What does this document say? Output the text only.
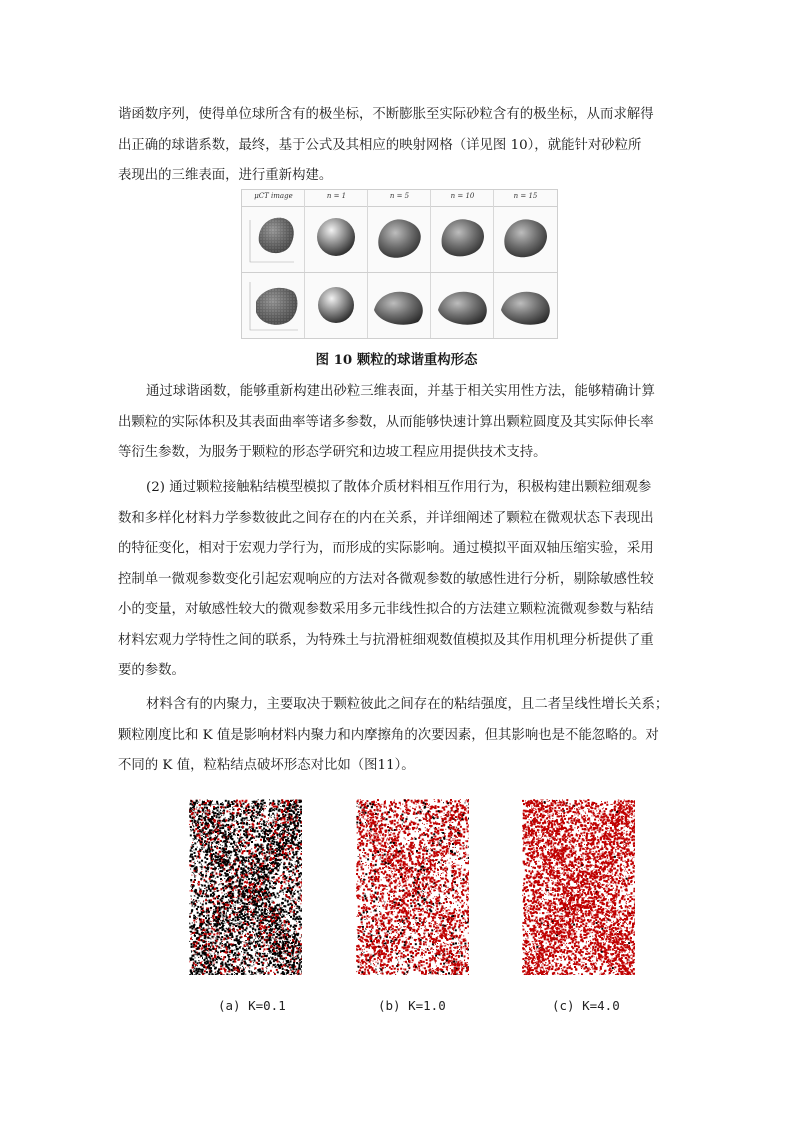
谐函数序列，使得单位球所含有的极坐标，不断膨胀至实际砂粒含有的极坐标，从而求解得
出正确的球谐系数，最终，基于公式及其相应的映射网格（详见图 10），就能针对砂粒所
表现出的三维表面，进行重新构建。

μCT image	n = 1	n = 5	n = 10	n = 15
图 10 颗粒的球谐重构形态

通过球谐函数，能够重新构建出砂粒三维表面，并基于相关实用性方法，能够精确计算
出颗粒的实际体积及其表面曲率等诸多参数，从而能够快速计算出颗粒圆度及其实际伸长率
等衍生参数，为服务于颗粒的形态学研究和边坡工程应用提供技术支持。

(2) 通过颗粒接触粘结模型模拟了散体介质材料相互作用行为，积极构建出颗粒细观参
数和多样化材料力学参数彼此之间存在的内在关系，并详细阐述了颗粒在微观状态下表现出
的特征变化，相对于宏观力学行为，而形成的实际影响。通过模拟平面双轴压缩实验，采用
控制单一微观参数变化引起宏观响应的方法对各微观参数的敏感性进行分析，剔除敏感性较
小的变量，对敏感性较大的微观参数采用多元非线性拟合的方法建立颗粒流微观参数与粘结
材料宏观力学特性之间的联系，为特殊土与抗滑桩细观数值模拟及其作用机理分析提供了重
要的参数。

材料含有的内聚力，主要取决于颗粒彼此之间存在的粘结强度，且二者呈线性增长关系；
颗粒刚度比和 K 值是影响材料内聚力和内摩擦角的次要因素，但其影响也是不能忽略的。对
不同的 K 值，粒粘结点破坏形态对比如（图11）。

(a) K=0.1	(b) K=1.0	(c) K=4.0
